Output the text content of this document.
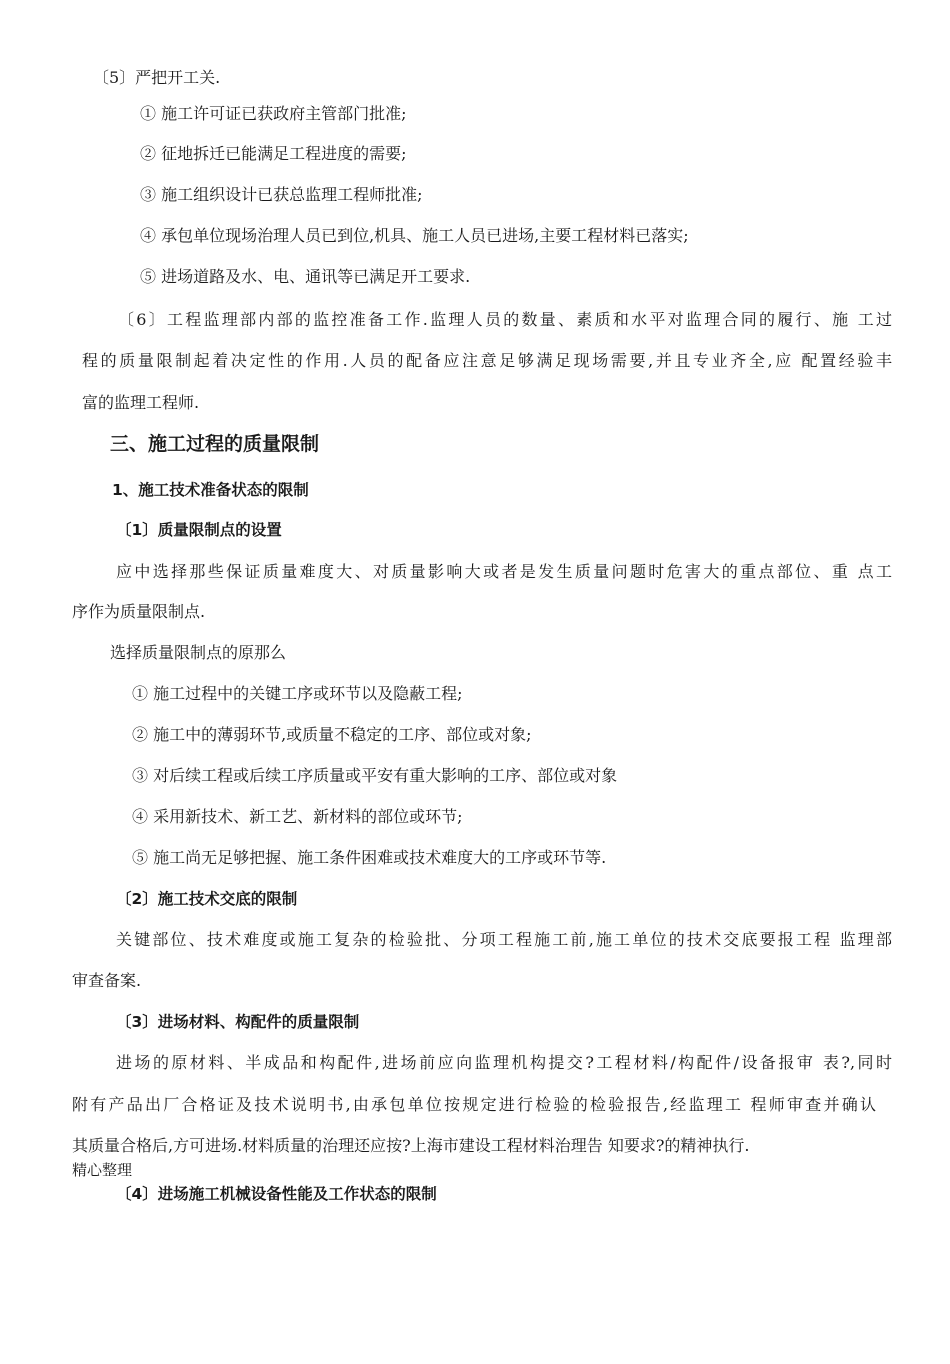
〔5〕严把开工关.
① 施工许可证已获政府主管部门批准;
② 征地拆迁已能满足工程进度的需要;
③ 施工组织设计已获总监理工程师批准;
④ 承包单位现场治理人员已到位,机具、施工人员已进场,主要工程材料已落实;
⑤ 进场道路及水、电、通讯等已满足开工要求.
〔6〕工程监理部内部的监控准备工作.监理人员的数量、素质和水平对监理合同的履行、施 工过
程的质量限制起着决定性的作用.人员的配备应注意足够满足现场需要,并且专业齐全,应 配置经验丰
富的监理工程师.
三、施工过程的质量限制
1、施工技术准备状态的限制
〔1〕质量限制点的设置
应中选择那些保证质量难度大、对质量影响大或者是发生质量问题时危害大的重点部位、重 点工
序作为质量限制点.
选择质量限制点的原那么
① 施工过程中的关键工序或环节以及隐蔽工程;
② 施工中的薄弱环节,或质量不稳定的工序、部位或对象;
③ 对后续工程或后续工序质量或平安有重大影响的工序、部位或对象
④ 采用新技术、新工艺、新材料的部位或环节;
⑤ 施工尚无足够把握、施工条件困难或技术难度大的工序或环节等.
〔2〕施工技术交底的限制
关键部位、技术难度或施工复杂的检验批、分项工程施工前,施工单位的技术交底要报工程 监理部
审查备案.
〔3〕进场材料、构配件的质量限制
进场的原材料、半成品和构配件,进场前应向监理机构提交?工程材料/构配件/设备报审 表?,同时
附有产品出厂合格证及技术说明书,由承包单位按规定进行检验的检验报告,经监理工 程师审查并确认
其质量合格后,方可进场.材料质量的治理还应按?上海市建设工程材料治理告 知要求?的精神执行.
精心整理
〔4〕进场施工机械设备性能及工作状态的限制
